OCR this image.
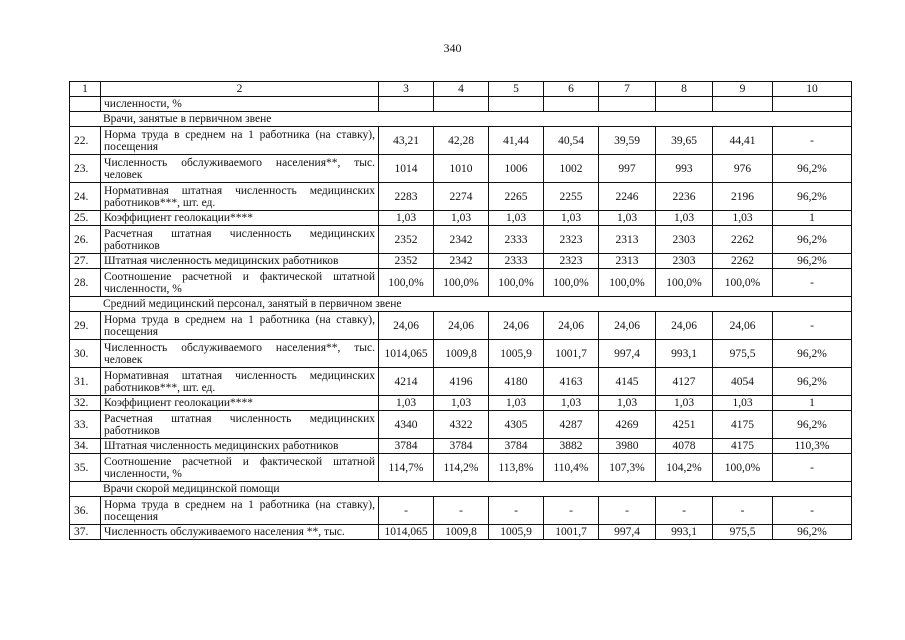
340
1	2	3	4	5	6	7	8	9	10
	численности, %								
Врачи, занятые в первичном звене									
22.	Норма труда в среднем на 1 работника (на ставку), посещения	43,21	42,28	41,44	40,54	39,59	39,65	44,41	-
23.	Численность обслуживаемого населения**, тыс. человек	1014	1010	1006	1002	997	993	976	96,2%
24.	Нормативная штатная численность медицинских работников***, шт. ед.	2283	2274	2265	2255	2246	2236	2196	96,2%
25.	Коэффициент геолокации****	1,03	1,03	1,03	1,03	1,03	1,03	1,03	1
26.	Расчетная штатная численность медицинских работников	2352	2342	2333	2323	2313	2303	2262	96,2%
27.	Штатная численность медицинских работников	2352	2342	2333	2323	2313	2303	2262	96,2%
28.	Соотношение расчетной и фактической штатной численности, %	100,0%	100,0%	100,0%	100,0%	100,0%	100,0%	100,0%	-
Средний медицинский персонал, занятый в первичном звене									
29.	Норма труда в среднем на 1 работника (на ставку), посещения	24,06	24,06	24,06	24,06	24,06	24,06	24,06	-
30.	Численность обслуживаемого населения**, тыс. человек	1014,065	1009,8	1005,9	1001,7	997,4	993,1	975,5	96,2%
31.	Нормативная штатная численность медицинских работников***, шт. ед.	4214	4196	4180	4163	4145	4127	4054	96,2%
32.	Коэффициент геолокации****	1,03	1,03	1,03	1,03	1,03	1,03	1,03	1
33.	Расчетная штатная численность медицинских работников	4340	4322	4305	4287	4269	4251	4175	96,2%
34.	Штатная численность медицинских работников	3784	3784	3784	3882	3980	4078	4175	110,3%
35.	Соотношение расчетной и фактической штатной численности, %	114,7%	114,2%	113,8%	110,4%	107,3%	104,2%	100,0%	-
Врачи скорой медицинской помощи									
36.	Норма труда в среднем на 1 работника (на ставку), посещения	-	-	-	-	-	-	-	-
37.	Численность обслуживаемого населения **, тыс.	1014,065	1009,8	1005,9	1001,7	997,4	993,1	975,5	96,2%
